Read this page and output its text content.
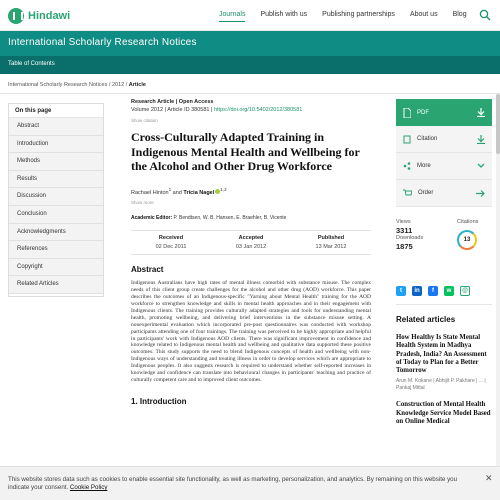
Hindawi	Journals Publish with us Publishing partnerships About us Blog
International Scholarly Research Notices
Table of Contents
International Scholarly Research Notices / 2012 / Article
On this page
Abstract
Introduction
Methods
Results
Discussion
Conclusion
Acknowledgments
References
Copyright
Related Articles
Research Article | Open Access
Volume 2012 | Article ID 380581 | https://doi.org/10.5402/2012/380581
Show citation
Cross-Culturally Adapted Training in Indigenous Mental Health and Wellbeing for the Alcohol and Other Drug Workforce
Rachael Hinton$^1$ and Tricia Nagel$^{1,2}$
Show more
Academic Editor: P. Bendtsen, W. B. Hansen, E. Braehler, B. Vicente
Received
02 Dec 2011
Accepted
03 Jan 2012
Published
13 Mar 2012
Abstract

Indigenous Australians have high rates of mental illness comorbid with substance misuse. The complex needs of this client group create challenges for the alcohol and other drug (AOD) workforce. This paper describes the outcomes of an Indigenous-specific "Yarning about Mental Health" training for the AOD workforce to strengthen knowledge and skills in mental health approaches and in their engagement with Indigenous clients. The training provides culturally adapted strategies and tools for understanding mental health, promoting wellbeing, and delivering brief interventions in the substance misuse setting. A nonexperimental evaluation which incorporated pre-post questionnaires was conducted with workshop participants attending one of four trainings. The training was perceived to be highly appropriate and helpful in participants' work with Indigenous AOD clients. There was significant improvement in confidence and knowledge related to Indigenous mental health and wellbeing and qualitative data supported these positive outcomes. This study supports the need to blend Indigenous concepts of health and wellbeing with non-Indigenous ways of understanding and treating illness in order to develop services which are appropriate to Indigenous peoples. It also suggests research is required to understand whether self-reported increases in knowledge and confidence can translate into behavioural changes in participants' teaching and practice of culturally competent care and to improved client outcomes.

1. Introduction
PDF
Citation
More
Order
Views
3311
Downloads
1875
Citations
13
t	in	f	w	@
Related articles
How Healthy Is State Mental Health System in Madhya Pradesh, India? An Assessment of Today to Plan for a Better Tomorrow
Arun M. Kokane | Abhijit P. Pakhare | ... | Pankaj Mittal
Construction of Mental Health Knowledge Service Model Based on Online Medical
This website stores data such as cookies to enable essential site functionality, as well as marketing, personalization, and analytics. By remaining on this website you indicate your consent. Cookie Policy
✕
